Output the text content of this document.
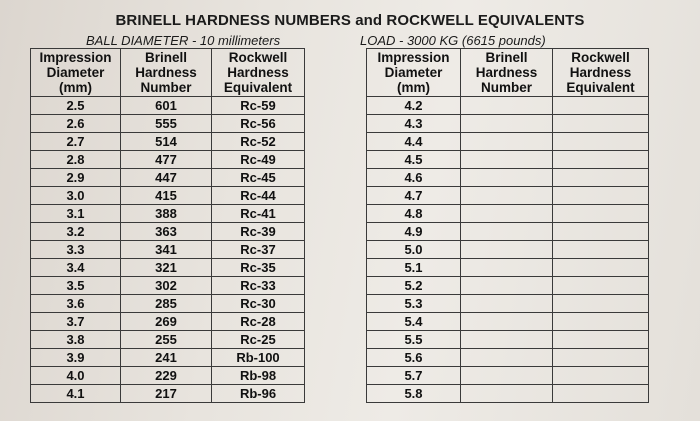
BRINELL HARDNESS NUMBERS and ROCKWELL EQUIVALENTS
BALL DIAMETER - 10 millimeters	LOAD - 3000 KG (6615 pounds)
Impression
Diameter
(mm)	Brinell
Hardness
Number	Rockwell
Hardness
Equivalent

2.5	601	Rc-59
2.6	555	Rc-56
2.7	514	Rc-52
2.8	477	Rc-49
2.9	447	Rc-45
3.0	415	Rc-44
3.1	388	Rc-41
3.2	363	Rc-39
3.3	341	Rc-37
3.4	321	Rc-35
3.5	302	Rc-33
3.6	285	Rc-30
3.7	269	Rc-28
3.8	255	Rc-25
3.9	241	Rb-100
4.0	229	Rb-98
4.1	217	Rb-96
Impression
Diameter
(mm)	Brinell
Hardness
Number	Rockwell
Hardness
Equivalent

4.2		
4.3		
4.4		
4.5		
4.6		
4.7		
4.8		
4.9		
5.0		
5.1		
5.2		
5.3		
5.4		
5.5		
5.6		
5.7		
5.8		
